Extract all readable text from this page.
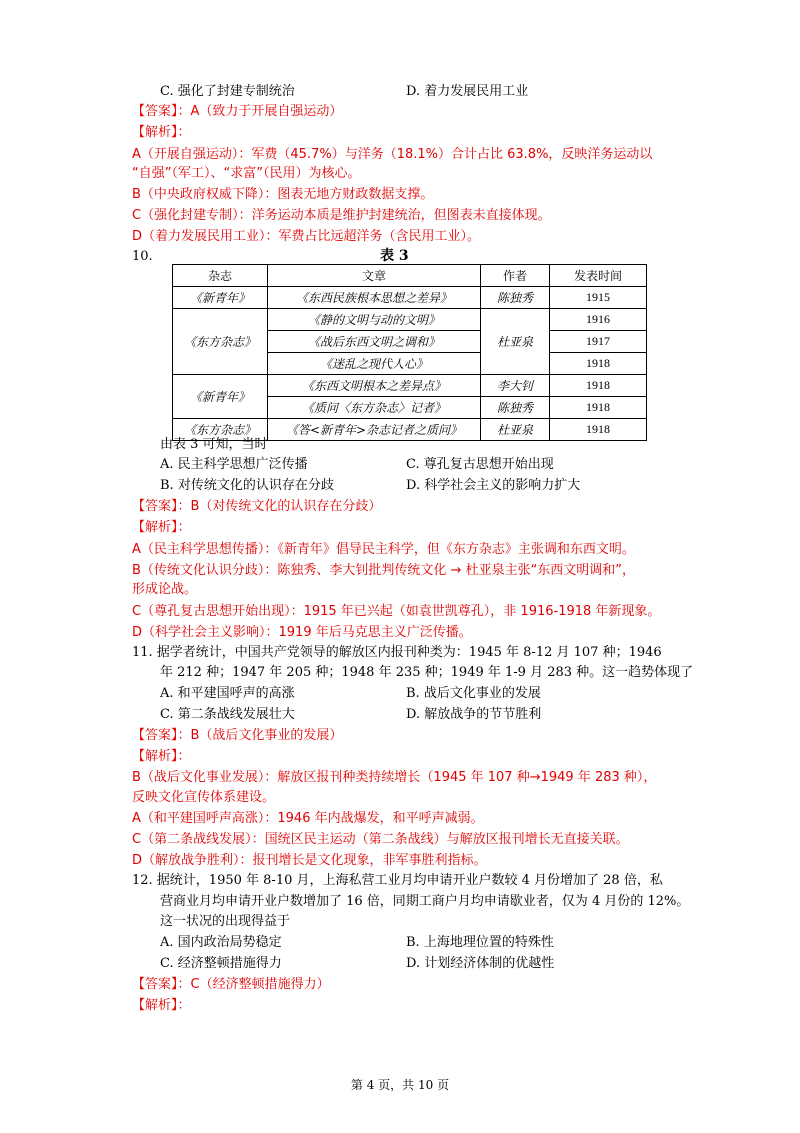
C. 强化了封建专制统治	D. 着力发展民用工业
【答案】：A（致力于开展自强运动）
【解析】：
A（开展自强运动）：军费（45.7%）与洋务（18.1%）合计占比 63.8%，反映洋务运动以
“自强”（军工）、“求富”（民用）为核心。
B（中央政府权威下降）：图表无地方财政数据支撑。
C（强化封建专制）：洋务运动本质是维护封建统治，但图表未直接体现。
D（着力发展民用工业）：军费占比远超洋务（含民用工业）。
10.	表 3
杂志	文章	作者	发表时间
《新青年》	《东西民族根本思想之差异》	陈独秀	1915
《东方杂志》	《静的文明与动的文明》	杜亚泉	1916
	《战后东西文明之调和》		1917
	《迷乱之现代人心》		1918
《新青年》	《东西文明根本之差异点》	李大钊	1918
	《质问〈东方杂志〉记者》	陈独秀	1918
《东方杂志》	《答<新青年>杂志记者之质问》	杜亚泉	1918
由表 3 可知，当时
A. 民主科学思想广泛传播	C. 尊孔复古思想开始出现
B. 对传统文化的认识存在分歧	D. 科学社会主义的影响力扩大
【答案】：B（对传统文化的认识存在分歧）
【解析】：
A（民主科学思想传播）：《新青年》倡导民主科学，但《东方杂志》主张调和东西文明。
B（传统文化认识分歧）：陈独秀、李大钊批判传统文化 → 杜亚泉主张“东西文明调和”，
形成论战。
C（尊孔复古思想开始出现）：1915 年已兴起（如袁世凯尊孔），非 1916-1918 年新现象。
D（科学社会主义影响）：1919 年后马克思主义广泛传播。
11. 据学者统计，中国共产党领导的解放区内报刊种类为：1945 年 8-12 月 107 种；1946
年 212 种；1947 年 205 种；1948 年 235 种；1949 年 1-9 月 283 种。这一趋势体现了
A. 和平建国呼声的高涨	B. 战后文化事业的发展
C. 第二条战线发展壮大	D. 解放战争的节节胜利
【答案】：B（战后文化事业的发展）
【解析】：
B（战后文化事业发展）：解放区报刊种类持续增长（1945 年 107 种→1949 年 283 种），
反映文化宣传体系建设。
A（和平建国呼声高涨）：1946 年内战爆发，和平呼声减弱。
C（第二条战线发展）：国统区民主运动（第二条战线）与解放区报刊增长无直接关联。
D（解放战争胜利）：报刊增长是文化现象，非军事胜利指标。
12. 据统计，1950 年 8-10 月，上海私营工业月均申请开业户数较 4 月份增加了 28 倍，私
营商业月均申请开业户数增加了 16 倍，同期工商户月均申请歇业者，仅为 4 月份的 12%。
这一状况的出现得益于
A. 国内政治局势稳定	B. 上海地理位置的特殊性
C. 经济整顿措施得力	D. 计划经济体制的优越性
【答案】：C（经济整顿措施得力）
【解析】：
第 4 页，共 10 页
